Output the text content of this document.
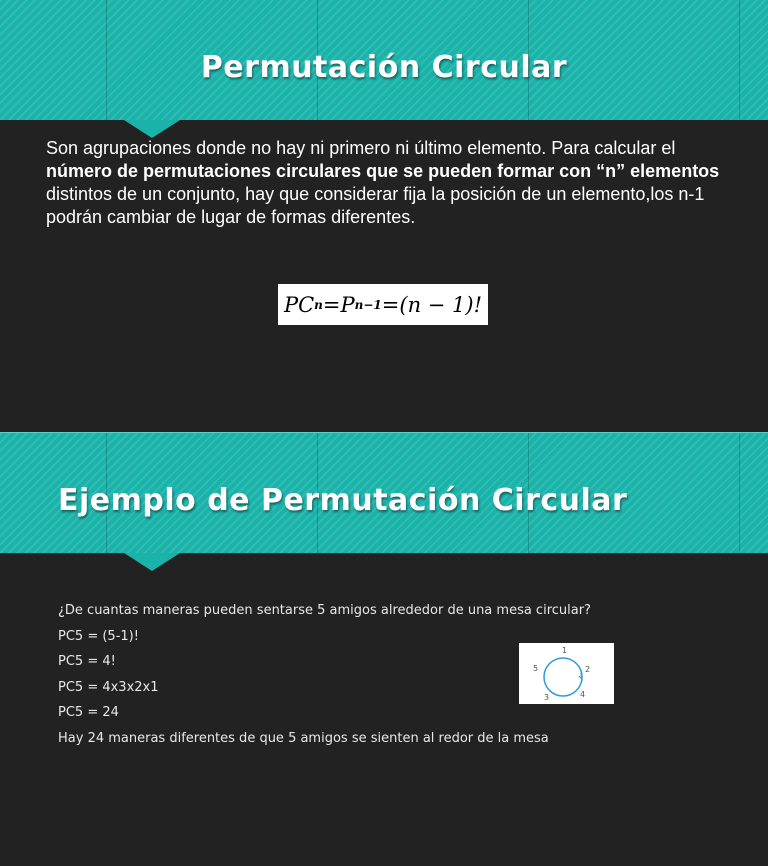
Permutación Circular
Son agrupaciones donde no hay ni primero ni último elemento. Para calcular el número de permutaciones circulares que se pueden formar con “n” elementos distintos de un conjunto, hay que considerar fija la posición de un elemento,los n-1 podrán cambiar de lugar de formas diferentes.
PC n = P n−1 = (n − 1)!
Ejemplo de Permutación Circular
¿De cuantas maneras pueden sentarse 5 amigos alrededor de una mesa circular?
PC5 = (5-1)!
PC5 = 4!
PC5 = 4x3x2x1
PC5 = 24
Hay 24 maneras diferentes de que 5 amigos se sienten al redor de la mesa
1
2
3	4
5
